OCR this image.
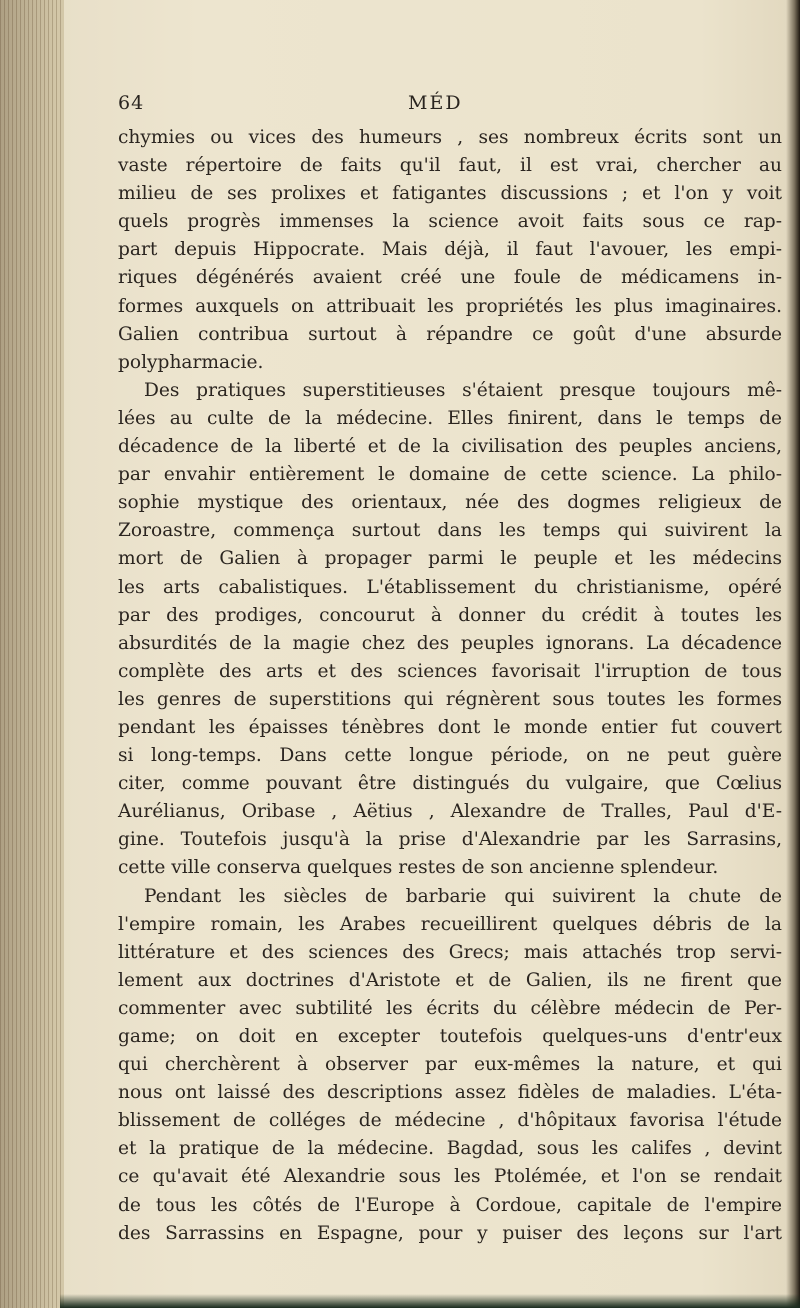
64	MÉD
chymies ou vices des humeurs , ses nombreux écrits sont un
vaste répertoire de faits qu'il faut, il est vrai, chercher au
milieu de ses prolixes et fatigantes discussions ; et l'on y voit
quels progrès immenses la science avoit faits sous ce rap-
part depuis Hippocrate. Mais déjà, il faut l'avouer, les empi-
riques dégénérés avaient créé une foule de médicamens in-
formes auxquels on attribuait les propriétés les plus imaginaires.
Galien contribua surtout à répandre ce goût d'une absurde
polypharmacie.
Des pratiques superstitieuses s'étaient presque toujours mê-
lées au culte de la médecine. Elles finirent, dans le temps de
décadence de la liberté et de la civilisation des peuples anciens,
par envahir entièrement le domaine de cette science. La philo-
sophie mystique des orientaux, née des dogmes religieux de
Zoroastre, commença surtout dans les temps qui suivirent la
mort de Galien à propager parmi le peuple et les médecins
les arts cabalistiques. L'établissement du christianisme, opéré
par des prodiges, concourut à donner du crédit à toutes les
absurdités de la magie chez des peuples ignorans. La décadence
complète des arts et des sciences favorisait l'irruption de tous
les genres de superstitions qui régnèrent sous toutes les formes
pendant les épaisses ténèbres dont le monde entier fut couvert
si long-temps. Dans cette longue période, on ne peut guère
citer, comme pouvant être distingués du vulgaire, que Cœlius
Aurélianus, Oribase , Aëtius , Alexandre de Tralles, Paul d'E-
gine. Toutefois jusqu'à la prise d'Alexandrie par les Sarrasins,
cette ville conserva quelques restes de son ancienne splendeur.
Pendant les siècles de barbarie qui suivirent la chute de
l'empire romain, les Arabes recueillirent quelques débris de la
littérature et des sciences des Grecs; mais attachés trop servi-
lement aux doctrines d'Aristote et de Galien, ils ne firent que
commenter avec subtilité les écrits du célèbre médecin de Per-
game; on doit en excepter toutefois quelques-uns d'entr'eux
qui cherchèrent à observer par eux-mêmes la nature, et qui
nous ont laissé des descriptions assez fidèles de maladies. L'éta-
blissement de colléges de médecine , d'hôpitaux favorisa l'étude
et la pratique de la médecine. Bagdad, sous les califes , devint
ce qu'avait été Alexandrie sous les Ptolémée, et l'on se rendait
de tous les côtés de l'Europe à Cordoue, capitale de l'empire
des Sarrassins en Espagne, pour y puiser des leçons sur l'art
